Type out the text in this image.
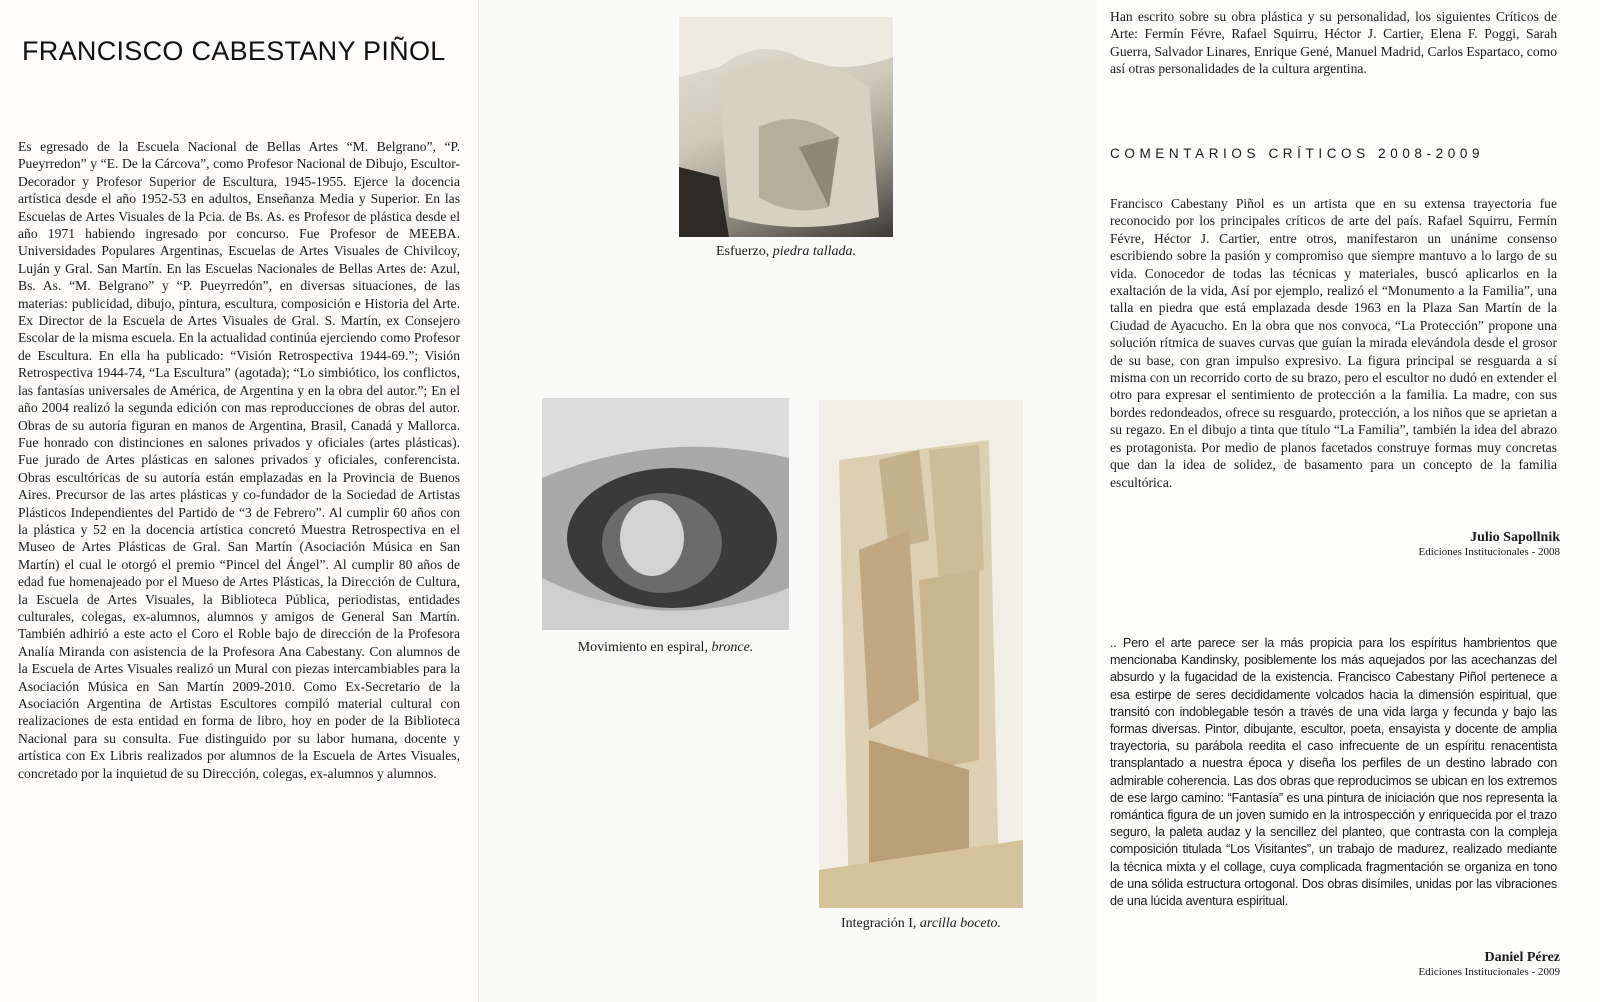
FRANCISCO CABESTANY PIÑOL

Es egresado de la Escuela Nacional de Bellas Artes “M. Belgrano”, “P. Pueyrredon” y “E. De la Cárcova”, como Profesor Nacional de Dibujo, Escultor-Decorador y Profesor Superior de Escultura, 1945-1955. Ejerce la docencia artística desde el año 1952-53 en adultos, Enseñanza Media y Superior. En las Escuelas de Artes Visuales de la Pcia. de Bs. As. es Profesor de plástica desde el año 1971 habiendo ingresado por concurso. Fue Profesor de MEEBA. Universidades Populares Argentinas, Escuelas de Artes Visuales de Chivilcoy, Luján y Gral. San Martín. En las Escuelas Nacionales de Bellas Artes de: Azul, Bs. As. “M. Belgrano” y “P. Pueyrredón”, en diversas situaciones, de las materias: publicidad, dibujo, pintura, escultura, composición e Historia del Arte. Ex Director de la Escuela de Artes Visuales de Gral. S. Martín, ex Consejero Escolar de la misma escuela. En la actualidad continúa ejerciendo como Profesor de Escultura. En ella ha publicado: “Visión Retrospectiva 1944-69.”; Visión Retrospectiva 1944-74, “La Escultura” (agotada); “Lo simbiótico, los conflictos, las fantasías universales de América, de Argentina y en la obra del autor.”; En el año 2004 realizó la segunda edición con mas reproducciones de obras del autor. Obras de su autoría figuran en manos de Argentina, Brasil, Canadá y Mallorca. Fue honrado con distinciones en salones privados y oficiales (artes plásticas). Fue jurado de Artes plásticas en salones privados y oficiales, conferencista. Obras escultóricas de su autoría están emplazadas en la Provincia de Buenos Aires. Precursor de las artes plásticas y co-fundador de la Sociedad de Artistas Plásticos Independientes del Partido de “3 de Febrero”. Al cumplir 60 años con la plástica y 52 en la docencia artística concretó Muestra Retrospectiva en el Museo de Artes Plásticas de Gral. San Martín (Asociación Música en San Martín) el cual le otorgó el premio “Pincel del Ángel”. Al cumplir 80 años de edad fue homenajeado por el Mueso de Artes Plásticas, la Dirección de Cultura, la Escuela de Artes Visuales, la Biblioteca Pública, periodistas, entidades culturales, colegas, ex-alumnos, alumnos y amigos de General San Martín. También adhirió a este acto el Coro el Roble bajo de dirección de la Profesora Analía Miranda con asistencia de la Profesora Ana Cabestany. Con alumnos de la Escuela de Artes Visuales realizó un Mural con piezas intercambiables para la Asociación Música en San Martín 2009-2010. Como Ex-Secretario de la Asociación Argentina de Artistas Escultores compiló material cultural con realizaciones de esta entidad en forma de libro, hoy en poder de la Biblioteca Nacional para su consulta. Fue distinguido por su labor humana, docente y artística con Ex Libris realizados por alumnos de la Escuela de Artes Visuales, concretado por la inquietud de su Dirección, colegas, ex-alumnos y alumnos.

Esfuerzo, piedra tallada.
Movimiento en espiral, bronce.
Integración I, arcilla boceto.

Han escrito sobre su obra plástica y su personalidad, los siguientes Críticos de Arte: Fermín Févre, Rafael Squirru, Héctor J. Cartier, Elena F. Poggi, Sarah Guerra, Salvador Linares, Enrique Gené, Manuel Madrid, Carlos Espartaco, como así otras personalidades de la cultura argentina.

COMENTARIOS CRÍTICOS 2008-2009

Francisco Cabestany Piñol es un artista que en su extensa trayectoria fue reconocido por los principales críticos de arte del país. Rafael Squirru, Fermín Févre, Héctor J. Cartier, entre otros, manifestaron un unánime consenso escribiendo sobre la pasión y compromiso que siempre mantuvo a lo largo de su vida. Conocedor de todas las técnicas y materiales, buscó aplicarlos en la exaltación de la vida, Así por ejemplo, realizó el “Monumento a la Familia”, una talla en piedra que está emplazada desde 1963 en la Plaza San Martín de la Ciudad de Ayacucho. En la obra que nos convoca, “La Protección” propone una solución rítmica de suaves curvas que guían la mirada elevándola desde el grosor de su base, con gran impulso expresivo. La figura principal se resguarda a sí misma con un recorrido corto de su brazo, pero el escultor no dudó en extender el otro para expresar el sentimiento de protección a la familia. La madre, con sus bordes redondeados, ofrece su resguardo, protección, a los niños que se aprietan a su regazo. En el dibujo a tinta que título “La Familia”, también la idea del abrazo es protagonista. Por medio de planos facetados construye formas muy concretas que dan la idea de solidez, de basamento para un concepto de la familia escultórica.

Julio Sapollnik
Ediciones Institucionales - 2008

.. Pero el arte parece ser la más propicia para los espíritus hambrientos que mencionaba Kandinsky, posiblemente los más aquejados por las acechanzas del absurdo y la fugacidad de la existencia. Francisco Cabestany Piñol pertenece a esa estirpe de seres decididamente volcados hacia la dimensión espiritual, que transitó con indoblegable tesón a través de una vida larga y fecunda y bajo las formas diversas. Pintor, dibujante, escultor, poeta, ensayista y docente de amplia trayectoria, su parábola reedita el caso infrecuente de un espíritu renacentista transplantado a nuestra época y diseña los perfiles de un destino labrado con admirable coherencia. Las dos obras que reproducimos se ubican en los extremos de ese largo camino: “Fantasía” es una pintura de iniciación que nos representa la romántica figura de un joven sumido en la introspección y enriquecida por el trazo seguro, la paleta audaz y la sencillez del planteo, que contrasta con la compleja composición titulada “Los Visitantes”, un trabajo de madurez, realizado mediante la técnica mixta y el collage, cuya complicada fragmentación se organiza en tono de una sólida estructura ortogonal. Dos obras disímiles, unidas por las vibraciones de una lúcida aventura espiritual.

Daniel Pérez
Ediciones Institucionales - 2009
